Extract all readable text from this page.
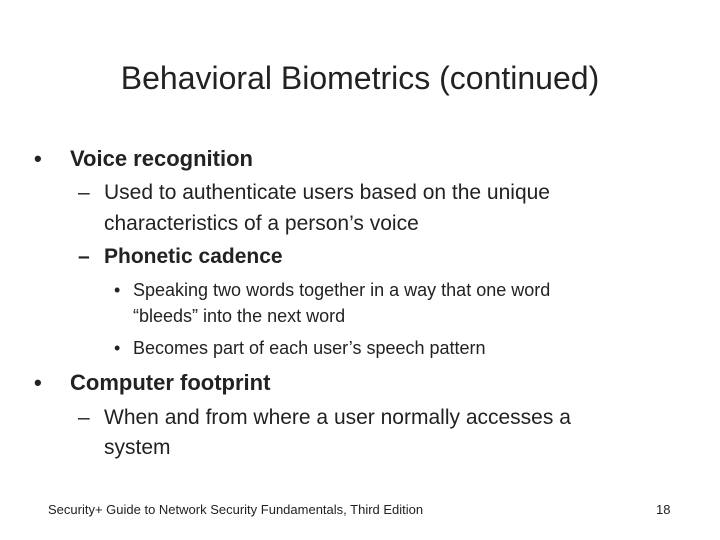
Behavioral Biometrics (continued)
• Voice recognition
– Used to authenticate users based on the unique
characteristics of a person’s voice
– Phonetic cadence
• Speaking two words together in a way that one word
“bleeds” into the next word
• Becomes part of each user’s speech pattern
• Computer footprint
– When and from where a user normally accesses a
system
Security+ Guide to Network Security Fundamentals, Third Edition	18
